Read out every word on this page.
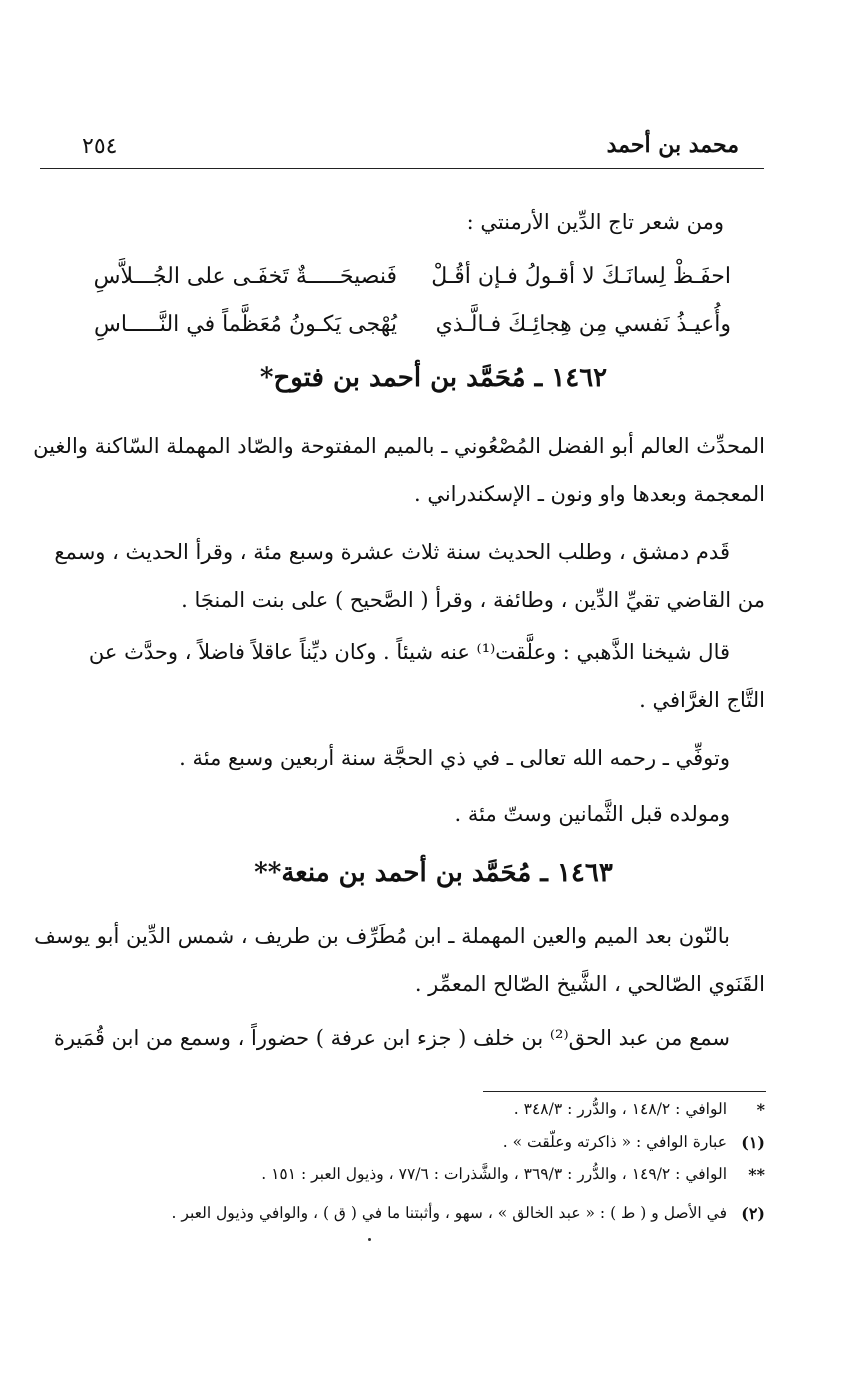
محمد بن أحمد
٢٥٤
ومن شعر تاج الدِّين الأرمنتي :
احفَـظْ لِسانَـكَ لا أقـولُ فـإن أقُـلْ
فَنصيحَـــــةٌ تَخفَـى على الجُـــلاَّسِ
وأُعيـذُ نَفسي مِن هِجائِـكَ فـالَّـذي
يُهْجى يَكـونُ مُعَظَّماً في النَّـــــاسِ
١٤٦٢ ـ مُحَمَّد بن أحمد بن فتوح*
المحدِّث العالم أبو الفضل المُصْعُوني ـ بالميم المفتوحة والصّاد المهملة السّاكنة والغين
المعجمة وبعدها واو ونون ـ الإسكندراني .
قَدم دمشق ، وطلب الحديث سنة ثلاث عشرة وسبع مئة ، وقرأ الحديث ، وسمع
من القاضي تقيِّ الدِّين ، وطائفة ، وقرأ ( الصَّحيح ) على بنت المنجَا .
قال شيخنا الذَّهبي : وعلَّقت⁽¹⁾ عنه شيئاً . وكان ديِّناً عاقلاً فاضلاً ، وحدَّث عن
التَّاج الغرَّافي .
وتوفِّي ـ رحمه الله تعالى ـ في ذي الحجَّة سنة أربعين وسبع مئة .
ومولده قبل الثَّمانين وستّ مئة .
١٤٦٣ ـ مُحَمَّد بن أحمد بن منعة**
بالنّون بعد الميم والعين المهملة ـ ابن مُطَرِّف بن طريف ، شمس الدِّين أبو يوسف
القَنَوي الصّالحي ، الشَّيخ الصّالح المعمِّر .
سمع من عبد الحق⁽²⁾ بن خلف ( جزء ابن عرفة ) حضوراً ، وسمع من ابن قُمَيرة
*
الوافي : ١٤٨/٢ ، والدُّرر : ٣٤٨/٣ .
(١)
عبارة الوافي : « ذاكرته وعلّقت » .
**
الوافي : ١٤٩/٢ ، والدُّرر : ٣٦٩/٣ ، والشَّذرات : ٧٧/٦ ، وذيول العبر : ١٥١ .
(٢)
في الأصل و ( ط ) : « عبد الخالق » ، سهو ، وأثبتنا ما في ( ق ) ، والوافي وذيول العبر .
